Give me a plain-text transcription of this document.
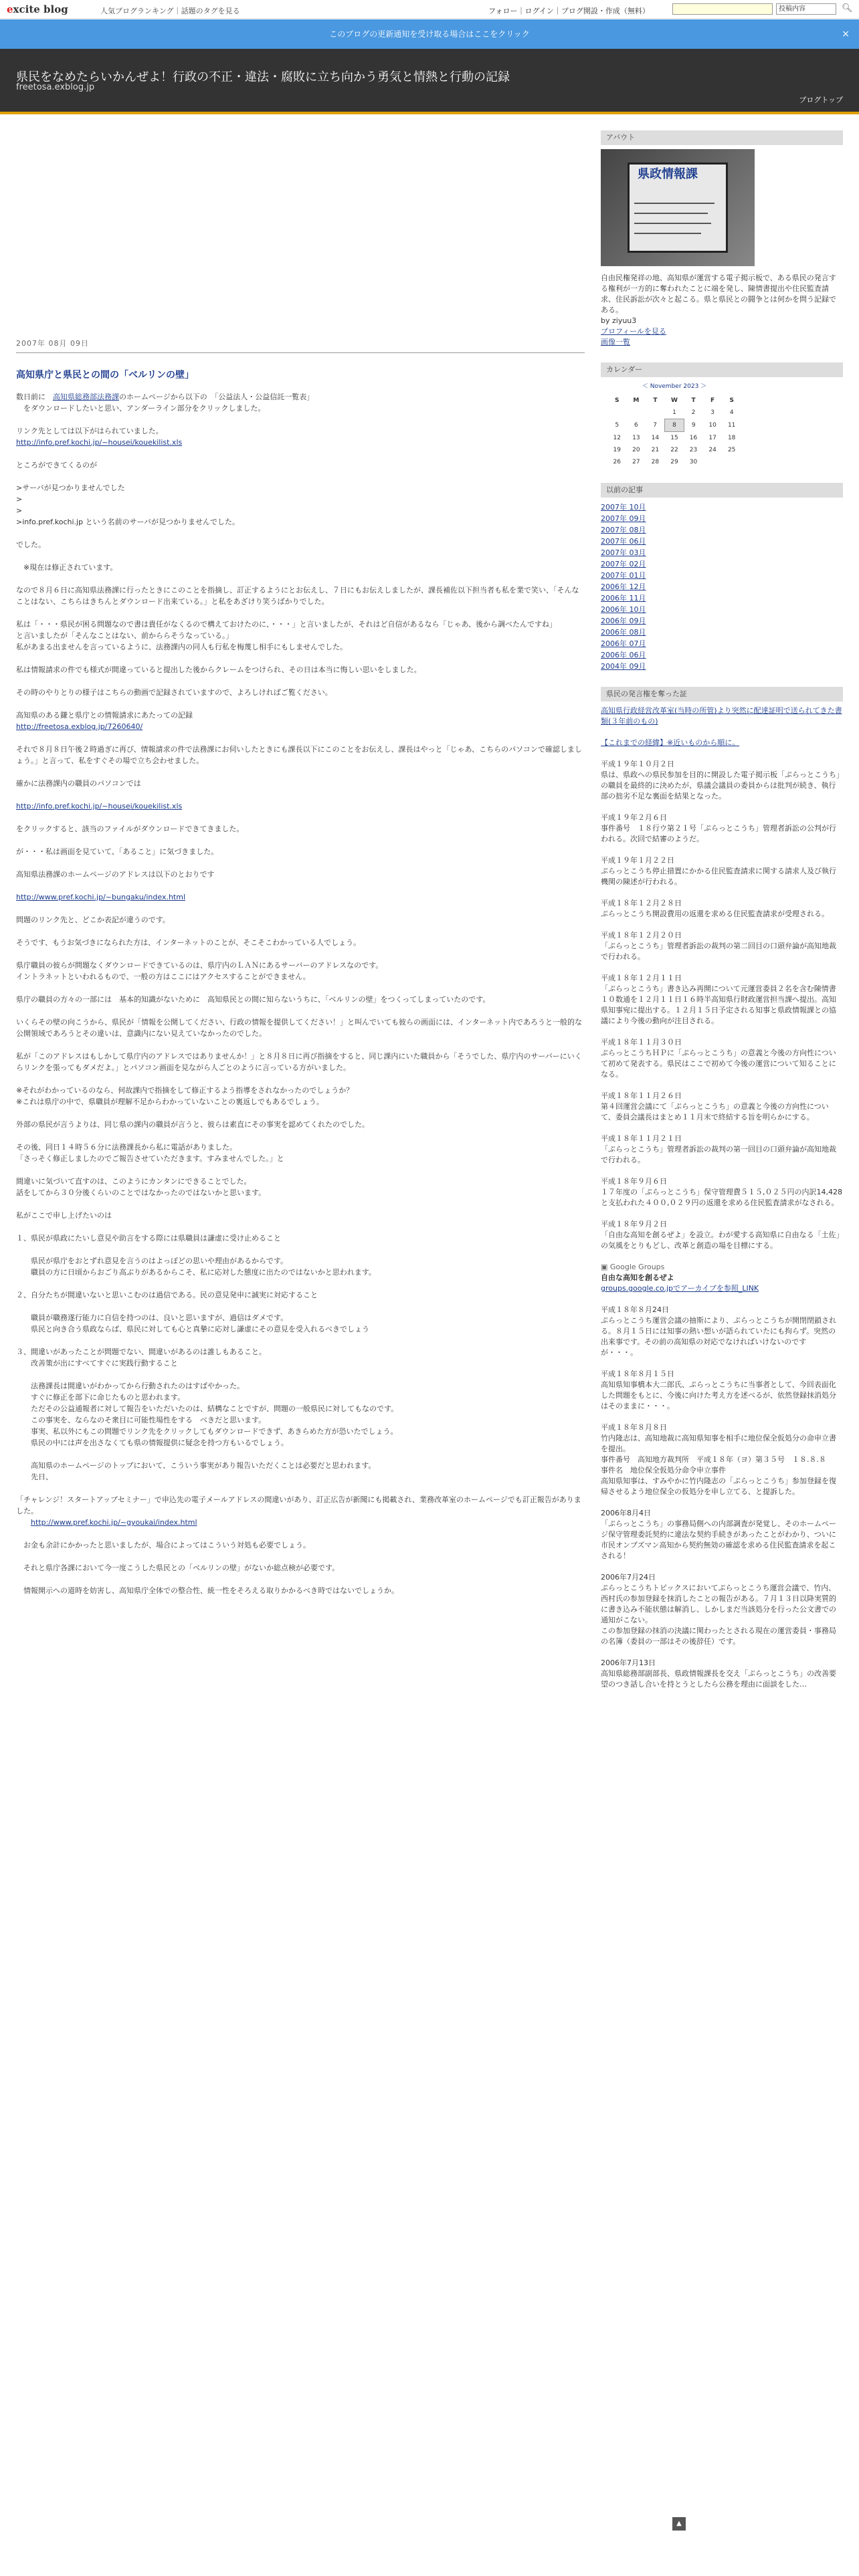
excite blog	人気ブログランキング｜話題のタグを見る	フォロー｜ログイン｜ブログ開設・作成（無料）	投稿内容	🔍︎
このブログの更新通知を受け取る場合はここをクリック	×
県民をなめたらいかんぜよ！行政の不正・違法・腐敗に立ち向かう勇気と情熱と行動の記録
freetosa.exblog.jp
ブログトップ
2007年 08月 09日
高知県庁と県民との間の「ベルリンの壁」

数日前に　高知県総務部法務課のホームページから以下の　「公益法人・公益信託一覧表」
　をダウンロードしたいと思い、アンダーライン部分をクリックしました。

リンク先としては以下がはられていました。
http://info.pref.kochi.jp/~housei/kouekilist.xls

ところができてくるのが

>サーバが見つかりませんでした
>
>
>info.pref.kochi.jp という名前のサーバが見つかりませんでした。

でした。

　※現在は修正されています。

なので８月６日に高知県法務課に行ったときにこのことを指摘し、訂正するようにとお伝えし、７日にもお伝えしましたが、課長補佐以下担当者も私を業で笑い、「そんなことはない、こちらはきちんとダウンロード出来ている。」と私をあざけり笑うばかりでした。

私は「・・・県民が困る問題なので書は貴任がなくるので構えておけたのに、・・・」と言いましたが、それはど自信があるなら「じゃあ、後から調べたんですね」
と言いましたが「そんなことはない、前かららそうなっている。」
私があまる出ませんを言っているように、法務課内の同人も行私を梅蔑し相手にもしませんでした。

私は情報請求の件でも様式が間違っていると提出した後からクレームをつけられ、その日は本当に悔しい思いをしました。

その時のやりとりの様子はこちらの動画で記録されていますので、よろしければご覧ください。

高知県のある鎌と県庁との情報請求にあたっての記録
http://freetosa.exblog.jp/7260640/

それで８月８日午後２時過ぎに再び、情報請求の件で法務課にお伺いしたときにも課長以下にこのことをお伝えし、課長はやっと「じゃあ、こちらのパソコンで確認しましょう。」と言って、私をすぐその場で立ち会わせました。

確かに法務課内の職員のパソコンでは

http://info.pref.kochi.jp/~housei/kouekilist.xls

をクリックすると、該当のファイルがダウンロードできてきました。

が・・・私は画面を見ていて、「あること」に気づきました。

高知県法務課のホームページのアドレスは以下のとおりです

http://www.pref.kochi.jp/~bungaku/index.html

問題のリンク先と、どこか表記が違うのです。

そうです、もうお気づきになられた方は、インターネットのことが、そこそこわかっている人でしょう。

県庁職員の彼らが問題なくダウンロードできているのは、県庁内のＬＡＮにあるサーバーのアドレスなのです。
イントラネットといわれるもので、一般の方はここにはアクセスすることができません。

県庁の職員の方々の一部には　基本的知識がないために　高知県民との間に知らないうちに、「ベルリンの壁」をつくってしまっていたのです。

いくらその壁の向こうから、県民が「情報を公開してください、行政の情報を提供してください！」と叫んでいても彼らの画面には、インターネット内であろうと一般的な公開領域であろうとその違いは、意識内にない見えていなかったのでした。

私が「このアドレスはもしかして県庁内のアドレスではありませんか！」と８月８日に再び指摘をすると、同じ課内にいた職員から「そうでした、県庁内のサーバーにいくらリンクを張ってもダメだよ。」とパソコン画面を見ながら人ごとのように言っている方がいました。

※それがわかっているのなら、何故課内で指摘をして修正するよう指導をされなかったのでしょうか？
※これは県庁の中で、県職員が理解不足からわかっていないことの裏返しでもあるでしょう。

外部の県民が言うよりは、同じ県の課内の職員が言うと、彼らは素直にその事実を認めてくれたのでした。

その後、同日１４時５６分に法務課長から私に電話がありました。
「さっそく修正しましたのでご報告させていただきます。すみませんでした。」と

間違いに気づいて直すのは、このようにカンタンにできることでした。
話をしてから３０分後くらいのことではなかったのではないかと思います。

私がここで申し上げたいのは

１、県民が県政にたいし意見や助言をする際には県職員は謙虚に受け止めること

　　県民が県庁をおとずれ意見を言うのはよっぽどの思いや理由があるからです。
　　職員の方に日頃からおごり高ぶりがあるからこそ、私に応対した態度に出たのではないかと思われます。

２、自分たちが間違いないと思いこむのは過信である。民の意見発申に誠実に対応すること

　　職員が職務遂行能力に自信を持つのは、良いと思いますが、過信はダメです。
　　県民と向き合う県政ならば、県民に対しても心と真摯に応対し謙虚にその意見を受入れるべきでしょう

３、間違いがあったことが問題でない、間違いがあるのは誰しもあること。
　　改善策が出にすべてすぐに実践行動すること

　　法務課長は間違いがわかってから行動されたのはすばやかった。
　　すぐに修正を部下に命じたものと思われます。
　　ただその公益通報者に対して報告をいただいたのは、結構なことですが、問題の一般県民に対してもなのです。
　　この事実を、ならなのそ衆目に可能性場性をする　べきだと思います。
　　事実、私以外にもこの問題でリンク先をクリックしてもダウンロードできず、あきらめた方が恐いたでしょう。
　　県民の中には声を出さなくても県の情報提供に疑念を持つ方もいるでしょう。

　　高知県のホームページのトップにおいて、こういう事実があり報告いただくことは必要だと思われます。
　　先日、

「チャレンジ！スタートアップセミナー」で申込先の電子メールアドレスの間違いがあり、訂正広告が新聞にも掲載され、業務改革室のホームページでも訂正報告がありました。
　　http://www.pref.kochi.jp/~gyoukai/index.html

　お金も余計にかかったと思いましたが、場合によってはこういう対処も必要でしょう。

　それと県庁各課において今一度こうした県民との「ベルリンの壁」がないか総点検が必要です。

　情報開示への道時を妨害し、高知県庁全体での整合性、統一性をそろえる取りかかるべき時ではないでしょうか。

アバウト
県政情報課
自由民権発祥の地、高知県が運営する電子掲示板で、ある県民の発言する権利が一方的に奪われたことに端を発し、陳情書提出や住民監査請求、住民訴訟が次々と起こる。県と県民との闘争とは何かを問う記録である。
by ziyuu3
プロフィールを見る
画像一覧
カレンダー
＜ November 2023 ＞
S	M	T	W	T	F	S
			1	2	3	4
5	6	7	8	9	10	11
12	13	14	15	16	17	18
19	20	21	22	23	24	25
26	27	28	29	30		
以前の記事
2007年 10月
2007年 09月
2007年 08月
2007年 06月
2007年 03月
2007年 02月
2007年 01月
2006年 12月
2006年 11月
2006年 10月
2006年 09月
2006年 08月
2006年 07月
2006年 06月
2004年 09月
県民の発言権を奪った証
高知県行政経営改革室(当時の所管)より突然に配達証明で送られてきた書類(３年前のもの)

【これまでの経緯】※近いものから順に。
平成１９年１０月２日
県は、県政への県民参加を目的に開設した電子掲示板「ぷらっとこうち」の職員を最終的に決めたが、県議会議員の委員からは批判が続き、執行部の拙劣不足な裏面を結果となった。
平成１９年２月６日
事件番号　１８行ウ第２１号「ぷらっとこうち」管理者訴訟の公判が行われる。次回で結審のようだ。
平成１９年１月２２日
ぷらっとこうち停止措置にかかる住民監査請求に関する請求人及び執行機関の陳述が行われる。
平成１８年１２月２８日
ぷらっとこうち開設費用の返還を求める住民監査請求が受理される。
平成１８年１２月２０日
「ぷらっとこうち」管理者訴訟の裁判の第二回目の口頭弁論が高知地裁で行われる。
平成１８年１２月１１日
「ぷらっとこうち」書き込み再開について元運営委員２名を含む陳情書１０数通を１２月１１日１６時半高知県行財政運営担当課へ提出。高知県知事宛に提出する。１２月１５日予定される知事と県政情報課との協議により今後の動向が注目される。
平成１８年１１月３０日
ぷらっとこうちＨＰに「ぷらっとこうち」の意義と今後の方向性について初めて発表する。県民はここで初めて今後の運営について知ることになる。
平成１８年１１月２６日
第４回運営会議にて「ぷらっとこうち」の意義と今後の方向性について、委員会議長はまとめ１１月末で終結する旨を明らかにする。
平成１８年１１月２１日
「ぷらっとこうち」管理者訴訟の裁判の第一回目の口頭弁論が高知地裁で行われる。
平成１８年９月６日
１７年度の「ぷらっとこうち」保守管理費５１５,０２５円の内訳14,428 と支払われた４００,０２９円の返還を求める住民監査請求がなされる。
平成１８年９月２日
「自由な高知を創るぜよ」を設立。わが愛する高知県に自由なる「土佐」の気風をとりもどし、改革と創造の場を目標にする。
▣ Google Groups
自由な高知を創るぜよ
groups.google.co.jpでアーカイブを参照_LINK
平成１８年８月24日
ぷらっとこうち運営会議の抽斯により、ぷらっとこうちが開閉閉鎖される。８月１５日には知事の熱い想いが語られていたにも拘らず。突然の出来事です。その前の高知県の対応でなければいけないのですが・・・。
平成１８年８月１５日
高知県知事橋本大二郎氏、ぷらっとこうちに当事者として、今回表面化した問題をもとに、今後に向けた考え方を述べるが、依然登録抹消処分はそのままに・・・。
平成１８年８月８日
竹内隆志は、高知地裁に高知県知事を相手に地位保全仮処分の命申立書を提出。
事件番号　高知地方裁判所　平成１８年（ヨ）第３５号　１８.８.８
事件名　地位保全仮処分命令申立事件
高知県知事は、すみやかに竹内隆志の「ぷらっとこうち」参加登録を復帰させるよう地位保全の仮処分を申し立てる、と提訴した。
2006年8月4日
「ぷらっとこうち」の事務局側への内部調査が発覚し、そのホームページ保守管理委託契約に違法な契約手続きがあったことがわかり、ついに市民オンブズマン高知から契約無効の確認を求める住民監査請求を起こされる！
2006年7月24日
ぷらっとこうちトピックスにおいてぷらっとこうち運営会議で、竹内、西村氏の参加登録を抹消したことの報告がある。７月１３日以降実質的に書き込み不能状態は解消し、しかしまだ当該処分を行った公文書での通知がこない。
この参加登録の抹消の決議に関わったとされる現在の運営委員・事務局の名簿（委員の一部はその後辞任）です。
2006年7月13日
高知県総務部副部長、県政情報課長を交え「ぷらっとこうち」の改善要望のつき話し合いを持とうとしたら公務を理由に面談をした…
▲
